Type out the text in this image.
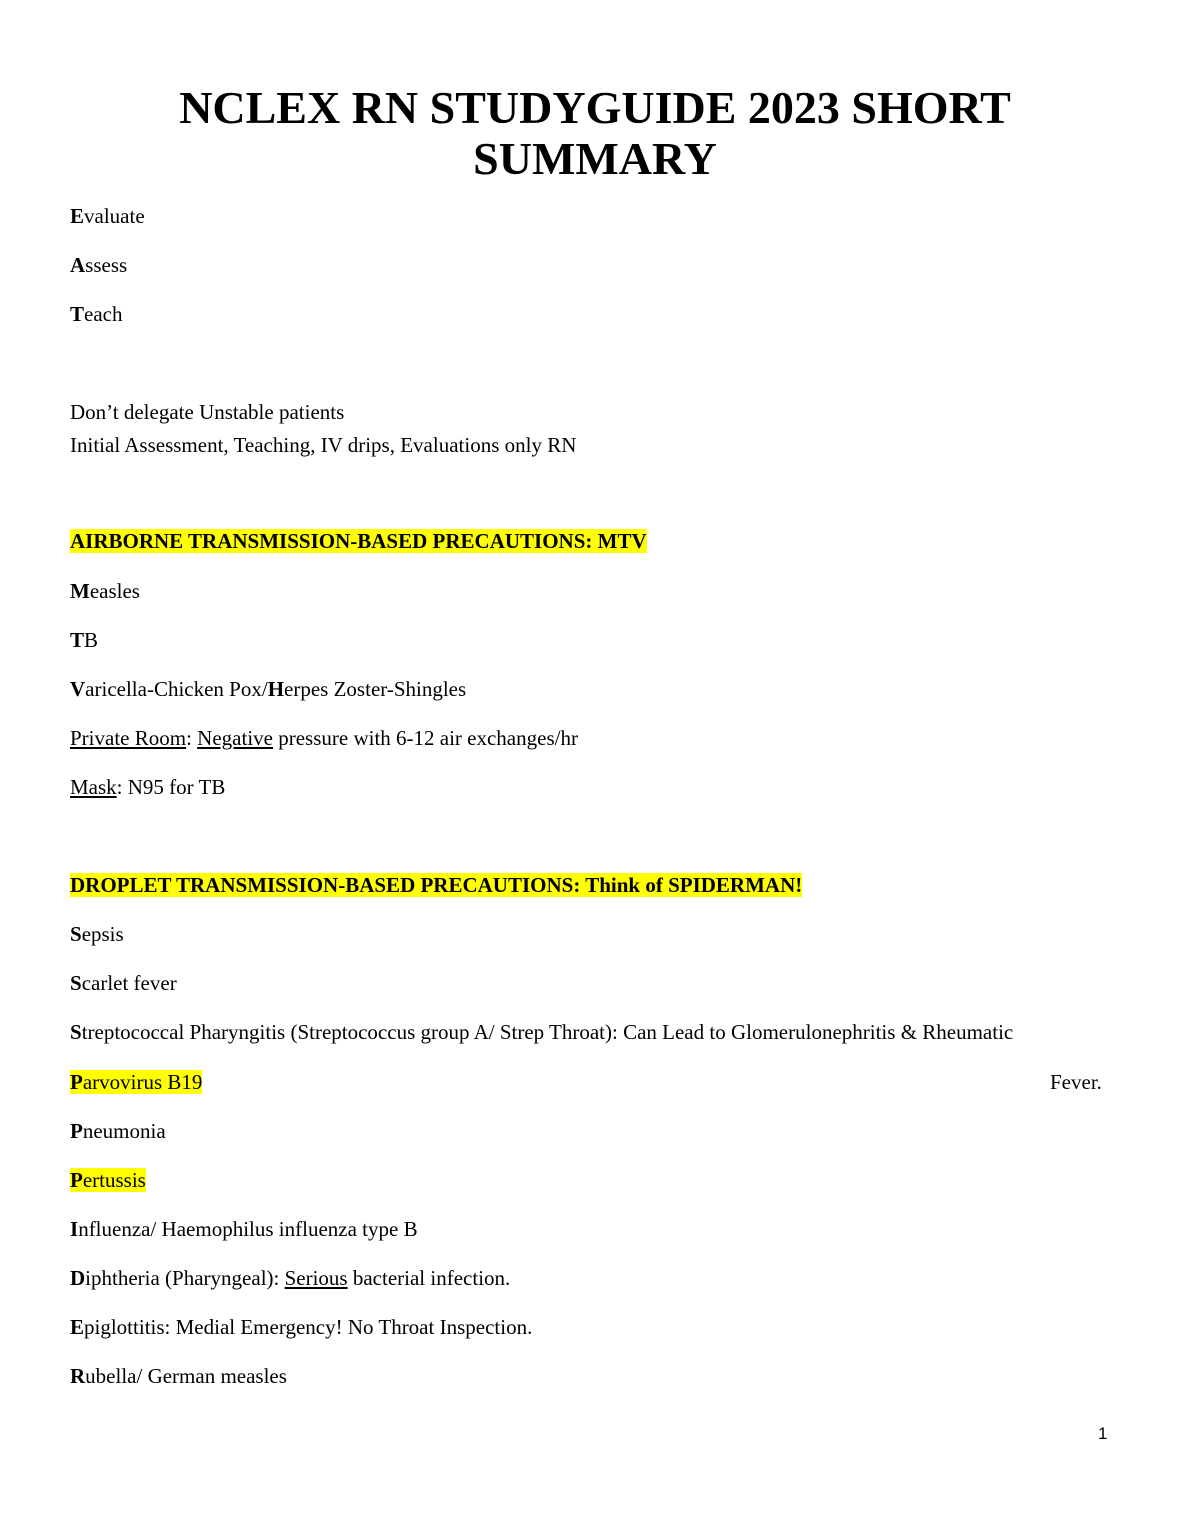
NCLEX RN STUDYGUIDE 2023 SHORT
SUMMARY
Evaluate
Assess
Teach
Don’t delegate Unstable patients
Initial Assessment, Teaching, IV drips, Evaluations only RN
AIRBORNE TRANSMISSION-BASED PRECAUTIONS: MTV
Measles
TB
Varicella-Chicken Pox/Herpes Zoster-Shingles
Private Room: Negative pressure with 6-12 air exchanges/hr
Mask: N95 for TB
DROPLET TRANSMISSION-BASED PRECAUTIONS: Think of SPIDERMAN!
Sepsis
Scarlet fever
Streptococcal Pharyngitis (Streptococcus group A/ Strep Throat): Can Lead to Glomerulonephritis & Rheumatic
Parvovirus B19	Fever.
Pneumonia
Pertussis
Influenza/ Haemophilus influenza type B
Diphtheria (Pharyngeal): Serious bacterial infection.
Epiglottitis: Medial Emergency! No Throat Inspection.
Rubella/ German measles
1
